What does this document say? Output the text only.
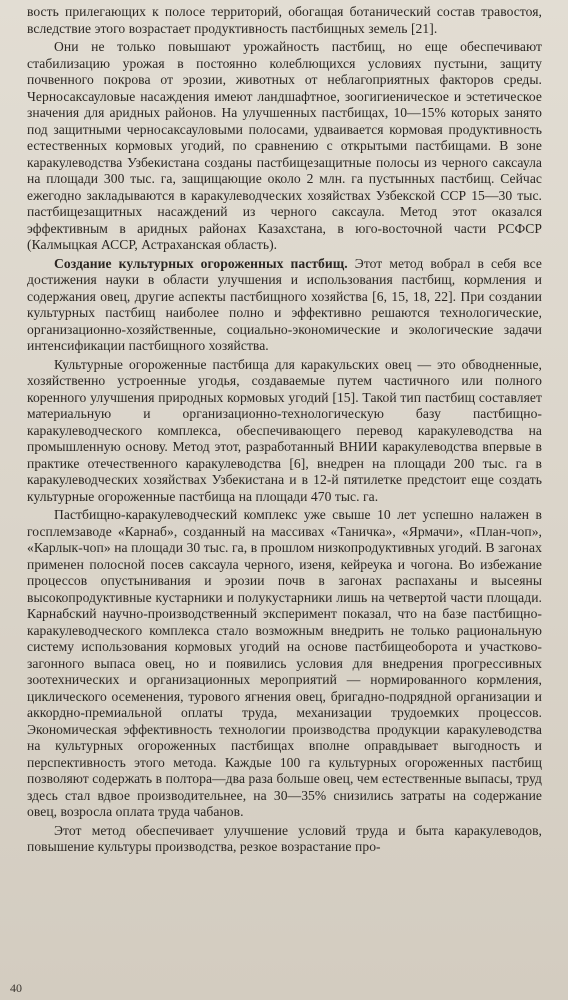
вость прилегающих к полосе территорий, обогащая ботанический состав травостоя, вследствие этого возрастает продуктивность пастбищных земель [21].

Они не только повышают урожайность пастбищ, но еще обеспечивают стабилизацию урожая в постоянно колеблющихся условиях пустыни, защиту почвенного покрова от эрозии, животных от неблагоприятных факторов среды. Черносаксауловые насаждения имеют ландшафтное, зоогигиеническое и эстетическое значения для аридных районов. На улучшенных пастбищах, 10—15% которых занято под защитными черносаксауловыми полосами, удваивается кормовая продуктивность естественных кормовых угодий, по сравнению с открытыми пастбищами. В зоне каракулеводства Узбекистана созданы пастбищезащитные полосы из черного саксаула на площади 300 тыс. га, защищающие около 2 млн. га пустынных пастбищ. Сейчас ежегодно закладываются в каракулеводческих хозяйствах Узбекской ССР 15—30 тыс. пастбищезащитных насаждений из черного саксаула. Метод этот оказался эффективным в аридных районах Казахстана, в юго-восточной части РСФСР (Калмыцкая АССР, Астраханская область).

Создание культурных огороженных пастбищ. Этот метод вобрал в себя все достижения науки в области улучшения и использования пастбищ, кормления и содержания овец, другие аспекты пастбищного хозяйства [6, 15, 18, 22]. При создании культурных пастбищ наиболее полно и эффективно решаются технологические, организационно-хозяйственные, социально-экономические и экологические задачи интенсификации пастбищного хозяйства.

Культурные огороженные пастбища для каракульских овец — это обводненные, хозяйственно устроенные угодья, создаваемые путем частичного или полного коренного улучшения природных кормовых угодий [15]. Такой тип пастбищ составляет материальную и организационно-технологическую базу пастбищно-каракулеводческого комплекса, обеспечивающего перевод каракулеводства на промышленную основу. Метод этот, разработанный ВНИИ каракулеводства впервые в практике отечественного каракулеводства [6], внедрен на площади 200 тыс. га в каракулеводческих хозяйствах Узбекистана и в 12-й пятилетке предстоит еще создать культурные огороженные пастбища на площади 470 тыс. га.

Пастбищно-каракулеводческий комплекс уже свыше 10 лет успешно налажен в госплемзаводе «Карнаб», созданный на массивах «Таничка», «Ярмачи», «План-чоп», «Карлык-чоп» на площади 30 тыс. га, в прошлом низкопродуктивных угодий. В загонах применен полосной посев саксаула черного, изеня, кейреука и чогона. Во избежание процессов опустынивания и эрозии почв в загонах распаханы и высеяны высокопродуктивные кустарники и полукустарники лишь на четвертой части площади. Карнабский научно-производственный эксперимент показал, что на базе пастбищно-каракулеводческого комплекса стало возможным внедрить не только рациональную систему использования кормовых угодий на основе пастбищеоборота и участково-загонного выпаса овец, но и появились условия для внедрения прогрессивных зоотехнических и организационных мероприятий — нормированного кормления, циклического осеменения, турового ягнения овец, бригадно-подрядной организации и аккордно-премиальной оплаты труда, механизации трудоемких процессов. Экономическая эффективность технологии производства продукции каракулеводства на культурных огороженных пастбищах вполне оправдывает выгодность и перспективность этого метода. Каждые 100 га культурных огороженных пастбищ позволяют содержать в полтора—два раза больше овец, чем естественные выпасы, труд здесь стал вдвое производительнее, на 30—35% снизились затраты на содержание овец, возросла оплата труда чабанов.

Этот метод обеспечивает улучшение условий труда и быта каракулеводов, повышение культуры производства, резкое возрастание про-

40
